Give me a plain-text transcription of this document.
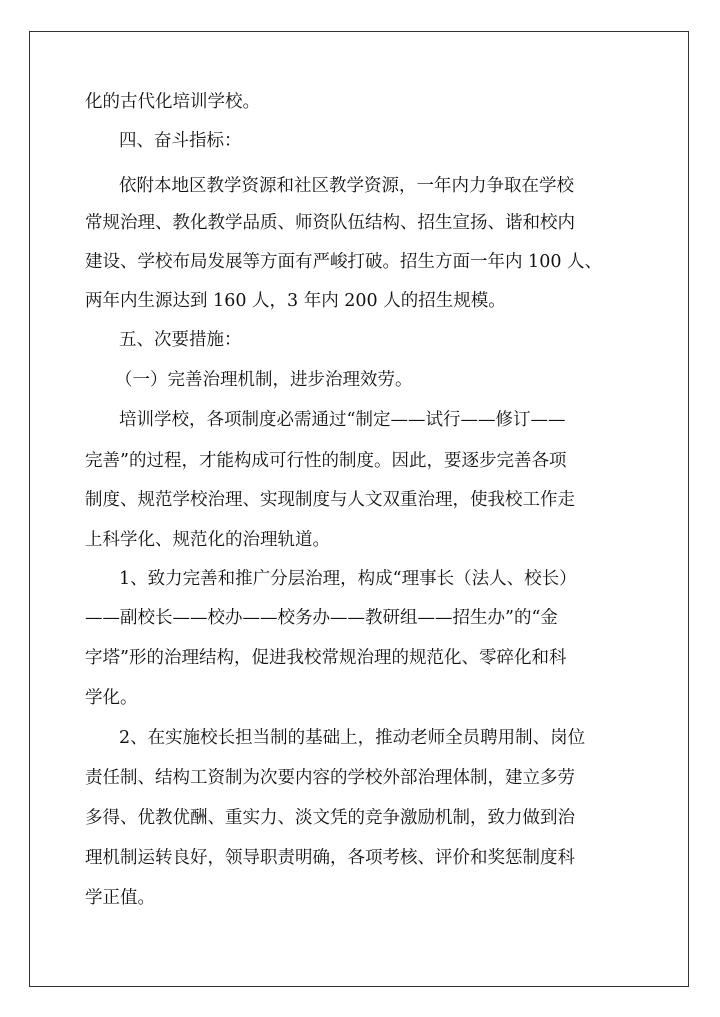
化的古代化培训学校。
四、奋斗指标：
依附本地区教学资源和社区教学资源，一年内力争取在学校
常规治理、教化教学品质、师资队伍结构、招生宣扬、谐和校内
建设、学校布局发展等方面有严峻打破。招生方面一年内 100 人、
两年内生源达到 160 人，3 年内 200 人的招生规模。
五、次要措施：
（一）完善治理机制，进步治理效劳。
培训学校，各项制度必需通过“制定——试行——修订——
完善”的过程，才能构成可行性的制度。因此，要逐步完善各项
制度、规范学校治理、实现制度与人文双重治理，使我校工作走
上科学化、规范化的治理轨道。
1、致力完善和推广分层治理，构成“理事长（法人、校长）
——副校长——校办——校务办——教研组——招生办”的“金
字塔”形的治理结构，促进我校常规治理的规范化、零碎化和科
学化。
2、在实施校长担当制的基础上，推动老师全员聘用制、岗位
责任制、结构工资制为次要内容的学校外部治理体制，建立多劳
多得、优教优酬、重实力、淡文凭的竞争激励机制，致力做到治
理机制运转良好，领导职责明确，各项考核、评价和奖惩制度科
学正值。
